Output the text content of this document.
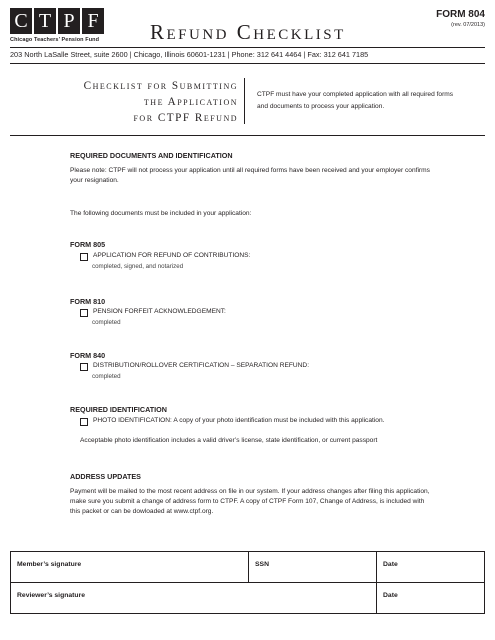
C T P F
Chicago Teachers’ Pension Fund Refund Checklist
FORM 804
(rev. 07/2013)
203 North LaSalle Street, suite 2600 | Chicago, Illinois 60601-1231 | Phone: 312 641 4464 | Fax: 312 641 7185
Checklist for Submitting
the Application
for CTPF Refund
CTPF must have your completed application with all required forms and documents to process your application.
REQUIRED DOCUMENTS AND IDENTIFICATION
Please note: CTPF will not process your application until all required forms have been received and your employer confirms your resignation.
The following documents must be included in your application:
FORM 805
APPLICATION FOR REFUND OF CONTRIBUTIONS:
completed, signed, and notarized
FORM 810
PENSION FORFEIT ACKNOWLEDGEMENT:
completed
FORM 840
DISTRIBUTION/ROLLOVER CERTIFICATION – SEPARATION REFUND:
completed
REQUIRED IDENTIFICATION
PHOTO IDENTIFICATION: A copy of your photo identification must be included with this application.
Acceptable photo identification includes a valid driver’s license, state identification, or current passport
ADDRESS UPDATES
Payment will be mailed to the most recent address on file in our system. If your address changes after filing this application, make sure you submit a change of address form to CTPF. A copy of CTPF Form 107, Change of Address, is included with this packet or can be dowloaded at www.ctpf.org.
Member’s signature	SSN	Date
Reviewer’s signature		Date
